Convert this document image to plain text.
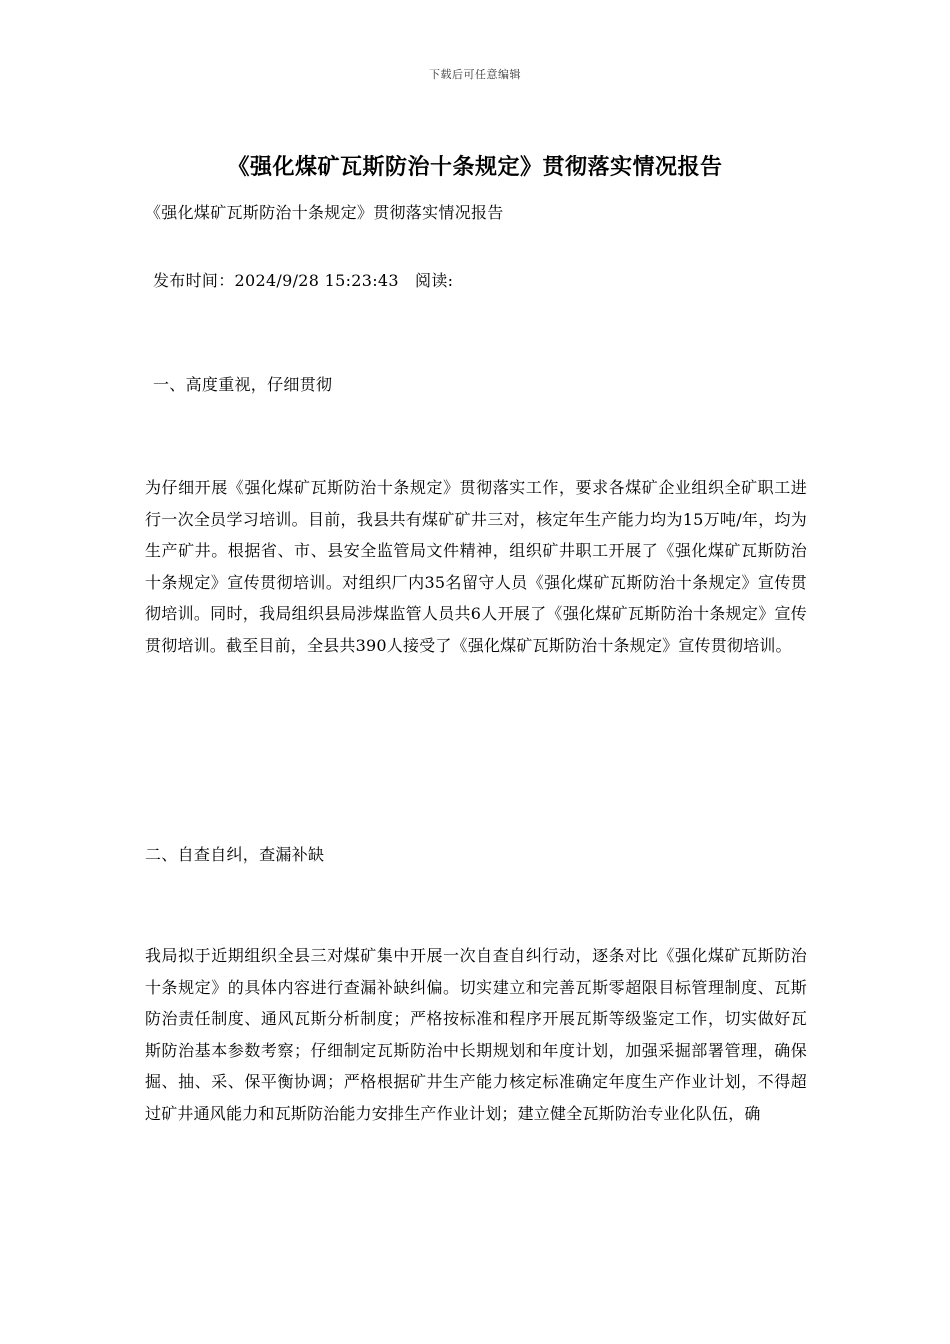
下载后可任意编辑
《强化煤矿瓦斯防治十条规定》贯彻落实情况报告
《强化煤矿瓦斯防治十条规定》贯彻落实情况报告
发布时间：2024/9/28 15:23:43   阅读:
一、高度重视，仔细贯彻

为仔细开展《强化煤矿瓦斯防治十条规定》贯彻落实工作，要求各煤矿企业组织全矿职工进行一次全员学习培训。目前，我县共有煤矿矿井三对，核定年生产能力均为15万吨/年，均为生产矿井。根据省、市、县安全监管局文件精神，组织矿井职工开展了《强化煤矿瓦斯防治十条规定》宣传贯彻培训。对组织厂内35名留守人员《强化煤矿瓦斯防治十条规定》宣传贯彻培训。同时，我局组织县局涉煤监管人员共6人开展了《强化煤矿瓦斯防治十条规定》宣传贯彻培训。截至目前，全县共390人接受了《强化煤矿瓦斯防治十条规定》宣传贯彻培训。

二、自查自纠，查漏补缺

我局拟于近期组织全县三对煤矿集中开展一次自查自纠行动，逐条对比《强化煤矿瓦斯防治十条规定》的具体内容进行查漏补缺纠偏。切实建立和完善瓦斯零超限目标管理制度、瓦斯防治责任制度、通风瓦斯分析制度；严格按标准和程序开展瓦斯等级鉴定工作，切实做好瓦斯防治基本参数考察；仔细制定瓦斯防治中长期规划和年度计划，加强采掘部署管理，确保掘、抽、采、保平衡协调；严格根据矿井生产能力核定标准确定年度生产作业计划，不得超过矿井通风能力和瓦斯防治能力安排生产作业计划；建立健全瓦斯防治专业化队伍，确
